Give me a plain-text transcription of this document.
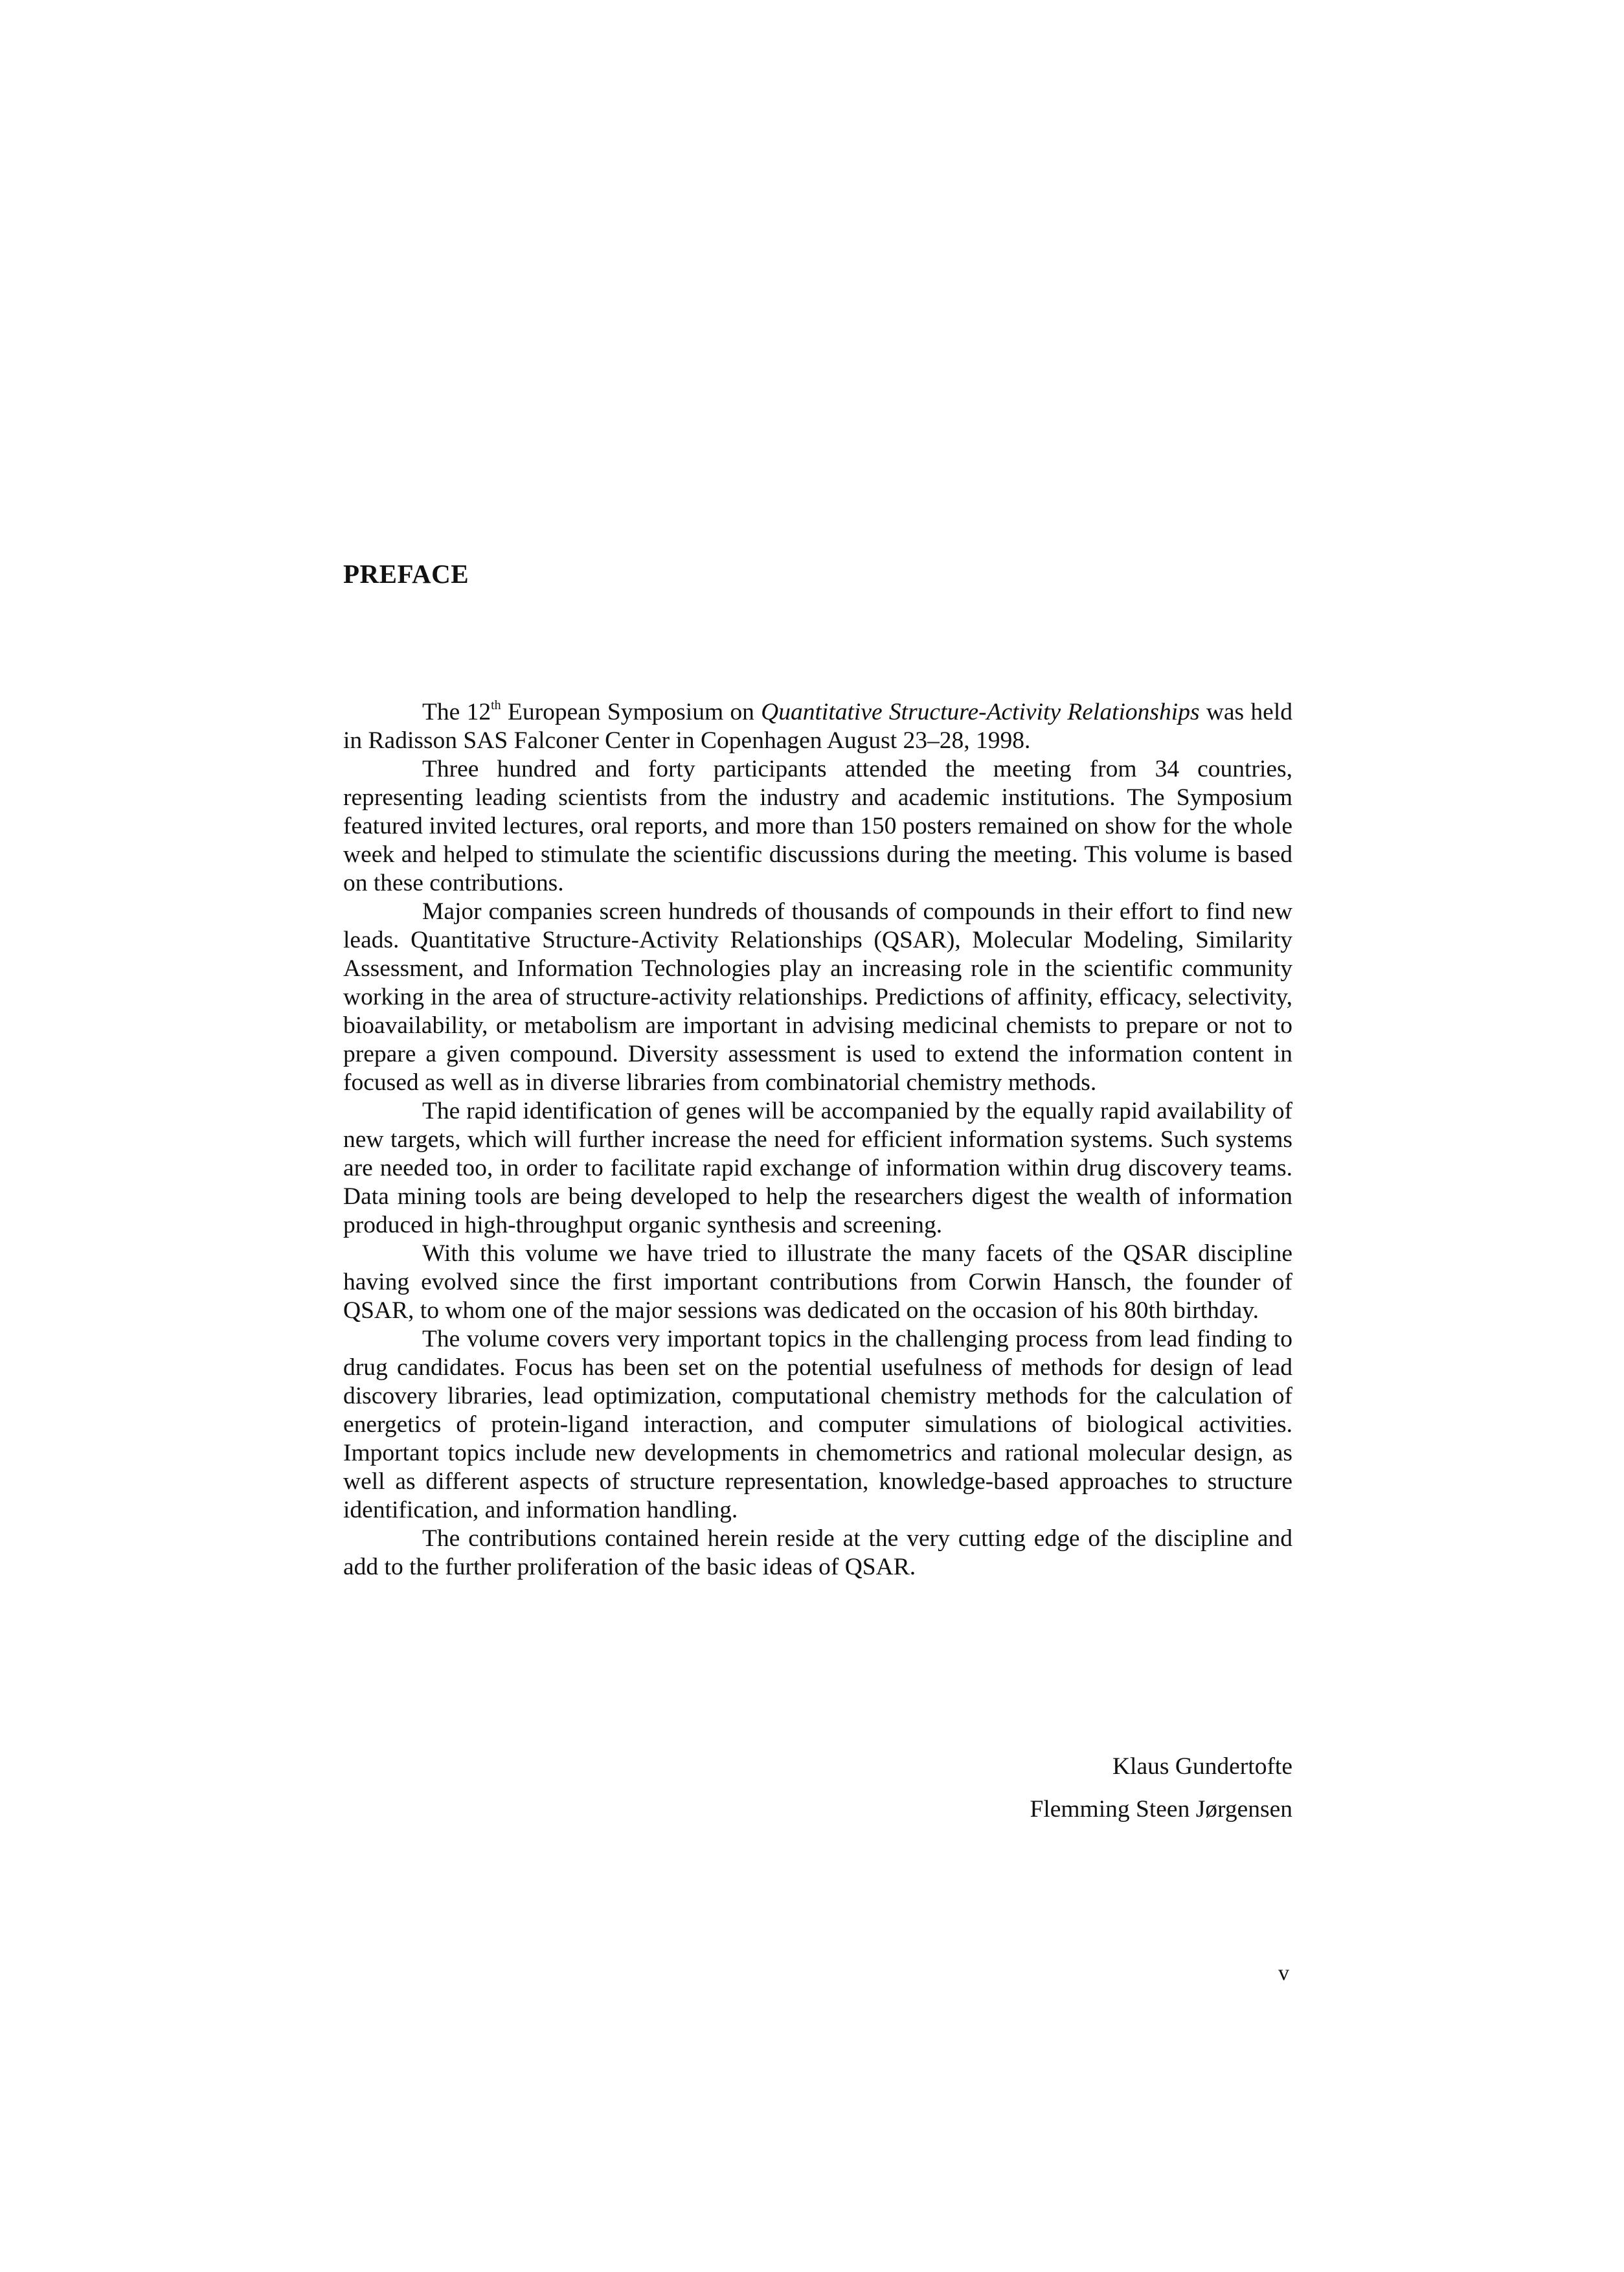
PREFACE

The 12th European Symposium on Quantitative Structure-Activity Relationships was held in Radisson SAS Falconer Center in Copenhagen August 23–28, 1998.

Three hundred and forty participants attended the meeting from 34 countries, representing leading scientists from the industry and academic institutions. The Symposium featured invited lectures, oral reports, and more than 150 posters remained on show for the whole week and helped to stimulate the scientific discussions during the meeting. This volume is based on these contributions.

Major companies screen hundreds of thousands of compounds in their effort to find new leads. Quantitative Structure-Activity Relationships (QSAR), Molecular Modeling, Similarity Assessment, and Information Technologies play an increasing role in the scientific community working in the area of structure-activity relationships. Predictions of affinity, efficacy, selectivity, bioavailability, or metabolism are important in advising medicinal chemists to prepare or not to prepare a given compound. Diversity assessment is used to extend the information content in focused as well as in diverse libraries from combinatorial chemistry methods.

The rapid identification of genes will be accompanied by the equally rapid availability of new targets, which will further increase the need for efficient information systems. Such systems are needed too, in order to facilitate rapid exchange of information within drug discovery teams. Data mining tools are being developed to help the researchers digest the wealth of information produced in high-throughput organic synthesis and screening.

With this volume we have tried to illustrate the many facets of the QSAR discipline having evolved since the first important contributions from Corwin Hansch, the founder of QSAR, to whom one of the major sessions was dedicated on the occasion of his 80th birthday.

The volume covers very important topics in the challenging process from lead finding to drug candidates. Focus has been set on the potential usefulness of methods for design of lead discovery libraries, lead optimization, computational chemistry methods for the calculation of energetics of protein-ligand interaction, and computer simulations of biological activities. Important topics include new developments in chemometrics and rational molecular design, as well as different aspects of structure representation, knowledge-based approaches to structure identification, and information handling.

The contributions contained herein reside at the very cutting edge of the discipline and add to the further proliferation of the basic ideas of QSAR.

Klaus Gundertofte

Flemming Steen Jørgensen

v
